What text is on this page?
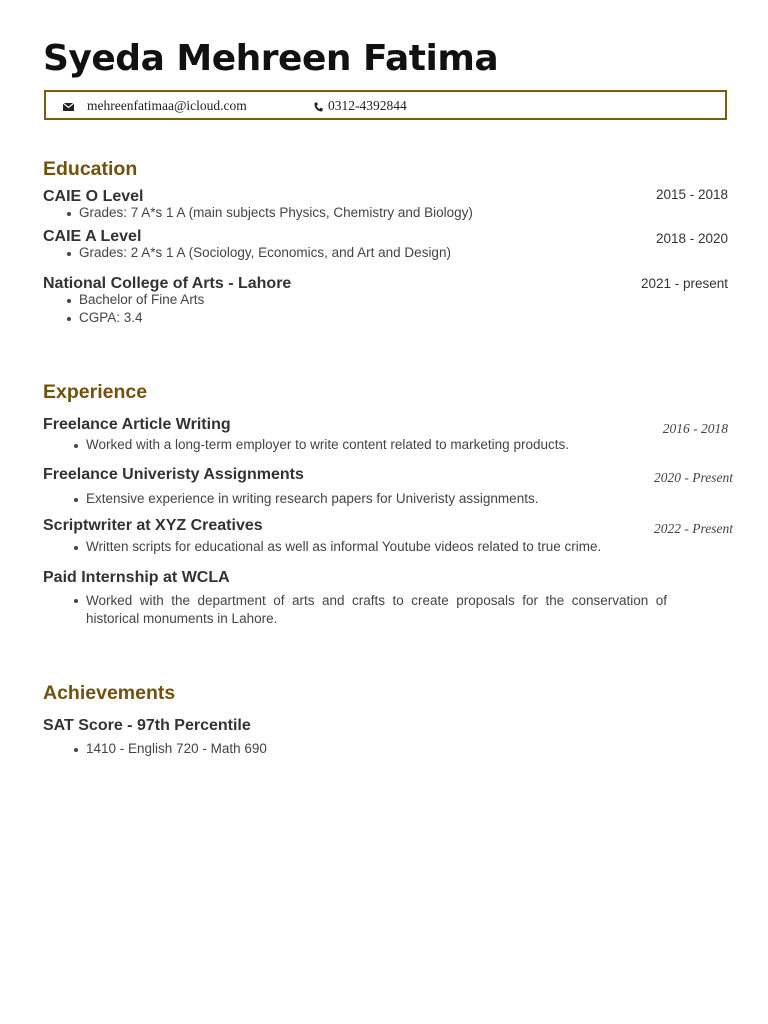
Syeda Mehreen Fatima
mehreenfatimaa@icloud.com	0312-4392844
Education
CAIE O Level	2015 - 2018
Grades: 7 A*s 1 A (main subjects Physics, Chemistry and Biology)
CAIE A Level	2018 - 2020
Grades: 2 A*s 1 A (Sociology, Economics, and Art and Design)
National College of Arts - Lahore	2021 - present
Bachelor of Fine Arts
CGPA: 3.4
Experience
Freelance Article Writing	2016 - 2018
Worked with a long-term employer to write content related to marketing products.
Freelance Univeristy Assignments	2020 - Present
Extensive experience in writing research papers for Univeristy assignments.
Scriptwriter at XYZ Creatives	2022 - Present
Written scripts for educational as well as informal Youtube videos related to true crime.
Paid Internship at WCLA
Worked with the department of arts and crafts to create proposals for the conservation of historical monuments in Lahore.
Achievements
SAT Score - 97th Percentile
1410 - English 720 - Math 690
